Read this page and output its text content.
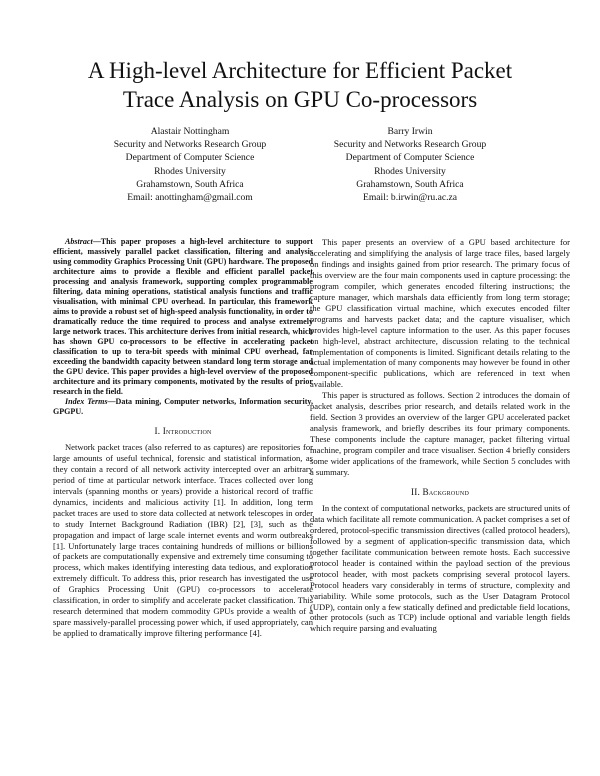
A High-level Architecture for Efficient Packet
Trace Analysis on GPU Co-processors
Alastair Nottingham
Security and Networks Research Group
Department of Computer Science
Rhodes University
Grahamstown, South Africa
Email: anottingham@gmail.com
Barry Irwin
Security and Networks Research Group
Department of Computer Science
Rhodes University
Grahamstown, South Africa
Email: b.irwin@ru.ac.za

Abstract—This paper proposes a high-level architecture to support efficient, massively parallel packet classification, filtering and analysis using commodity Graphics Processing Unit (GPU) hardware. The proposed architecture aims to provide a flexible and efficient parallel packet processing and analysis framework, supporting complex programmable filtering, data mining operations, statistical analysis functions and traffic visualisation, with minimal CPU overhead. In particular, this framework aims to provide a robust set of high-speed analysis functionality, in order to dramatically reduce the time required to process and analyse extremely large network traces. This architecture derives from initial research, which has shown GPU co-processors to be effective in accelerating packet classification to up to tera-bit speeds with minimal CPU overhead, far exceeding the bandwidth capacity between standard long term storage and the GPU device. This paper provides a high-level overview of the proposed architecture and its primary components, motivated by the results of prior research in the field.

Index Terms—Data mining, Computer networks, Information security, GPGPU.

I. Introduction

Network packet traces (also referred to as captures) are repositories for large amounts of useful technical, forensic and statistical information, as they contain a record of all network activity intercepted over an arbitrary period of time at particular network interface. Traces collected over long intervals (spanning months or years) provide a historical record of traffic dynamics, incidents and malicious activity [1]. In addition, long term packet traces are used to store data collected at network telescopes in order to study Internet Background Radiation (IBR) [2], [3], such as the propagation and impact of large scale internet events and worm outbreaks [1]. Unfortunately large traces containing hundreds of millions or billions of packets are computationally expensive and extremely time consuming to process, which makes identifying interesting data tedious, and exploration extremely difficult. To address this, prior research has investigated the use of Graphics Processing Unit (GPU) co-processors to accelerate classification, in order to simplify and accelerate packet classification. This research determined that modern commodity GPUs provide a wealth of a spare massively-parallel processing power which, if used appropriately, can be applied to dramatically improve filtering performance [4].

This paper presents an overview of a GPU based architecture for accelerating and simplifying the analysis of large trace files, based largely on findings and insights gained from prior research. The primary focus of this overview are the four main components used in capture processing: the program compiler, which generates encoded filtering instructions; the capture manager, which marshals data efficiently from long term storage; the GPU classification virtual machine, which executes encoded filter programs and harvests packet data; and the capture visualiser, which provides high-level capture information to the user. As this paper focuses on high-level, abstract architecture, discussion relating to the technical implementation of components is limited. Significant details relating to the actual implementation of many components may however be found in other component-specific publications, which are referenced in text when available.

This paper is structured as follows. Section 2 introduces the domain of packet analysis, describes prior research, and details related work in the field. Section 3 provides an overview of the larger GPU accelerated packet analysis framework, and briefly describes its four primary components. These components include the capture manager, packet filtering virtual machine, program compiler and trace visualiser. Section 4 briefly considers some wider applications of the framework, while Section 5 concludes with a summary.

II. Background

In the context of computational networks, packets are structured units of data which facilitate all remote communication. A packet comprises a set of ordered, protocol-specific transmission directives (called protocol headers), followed by a segment of application-specific transmission data, which together facilitate communication between remote hosts. Each successive protocol header is contained within the payload section of the previous protocol header, with most packets comprising several protocol layers. Protocol headers vary considerably in terms of structure, complexity and variability. While some protocols, such as the User Datagram Protocol (UDP), contain only a few statically defined and predictable field locations, other protocols (such as TCP) include optional and variable length fields which require parsing and evaluating
